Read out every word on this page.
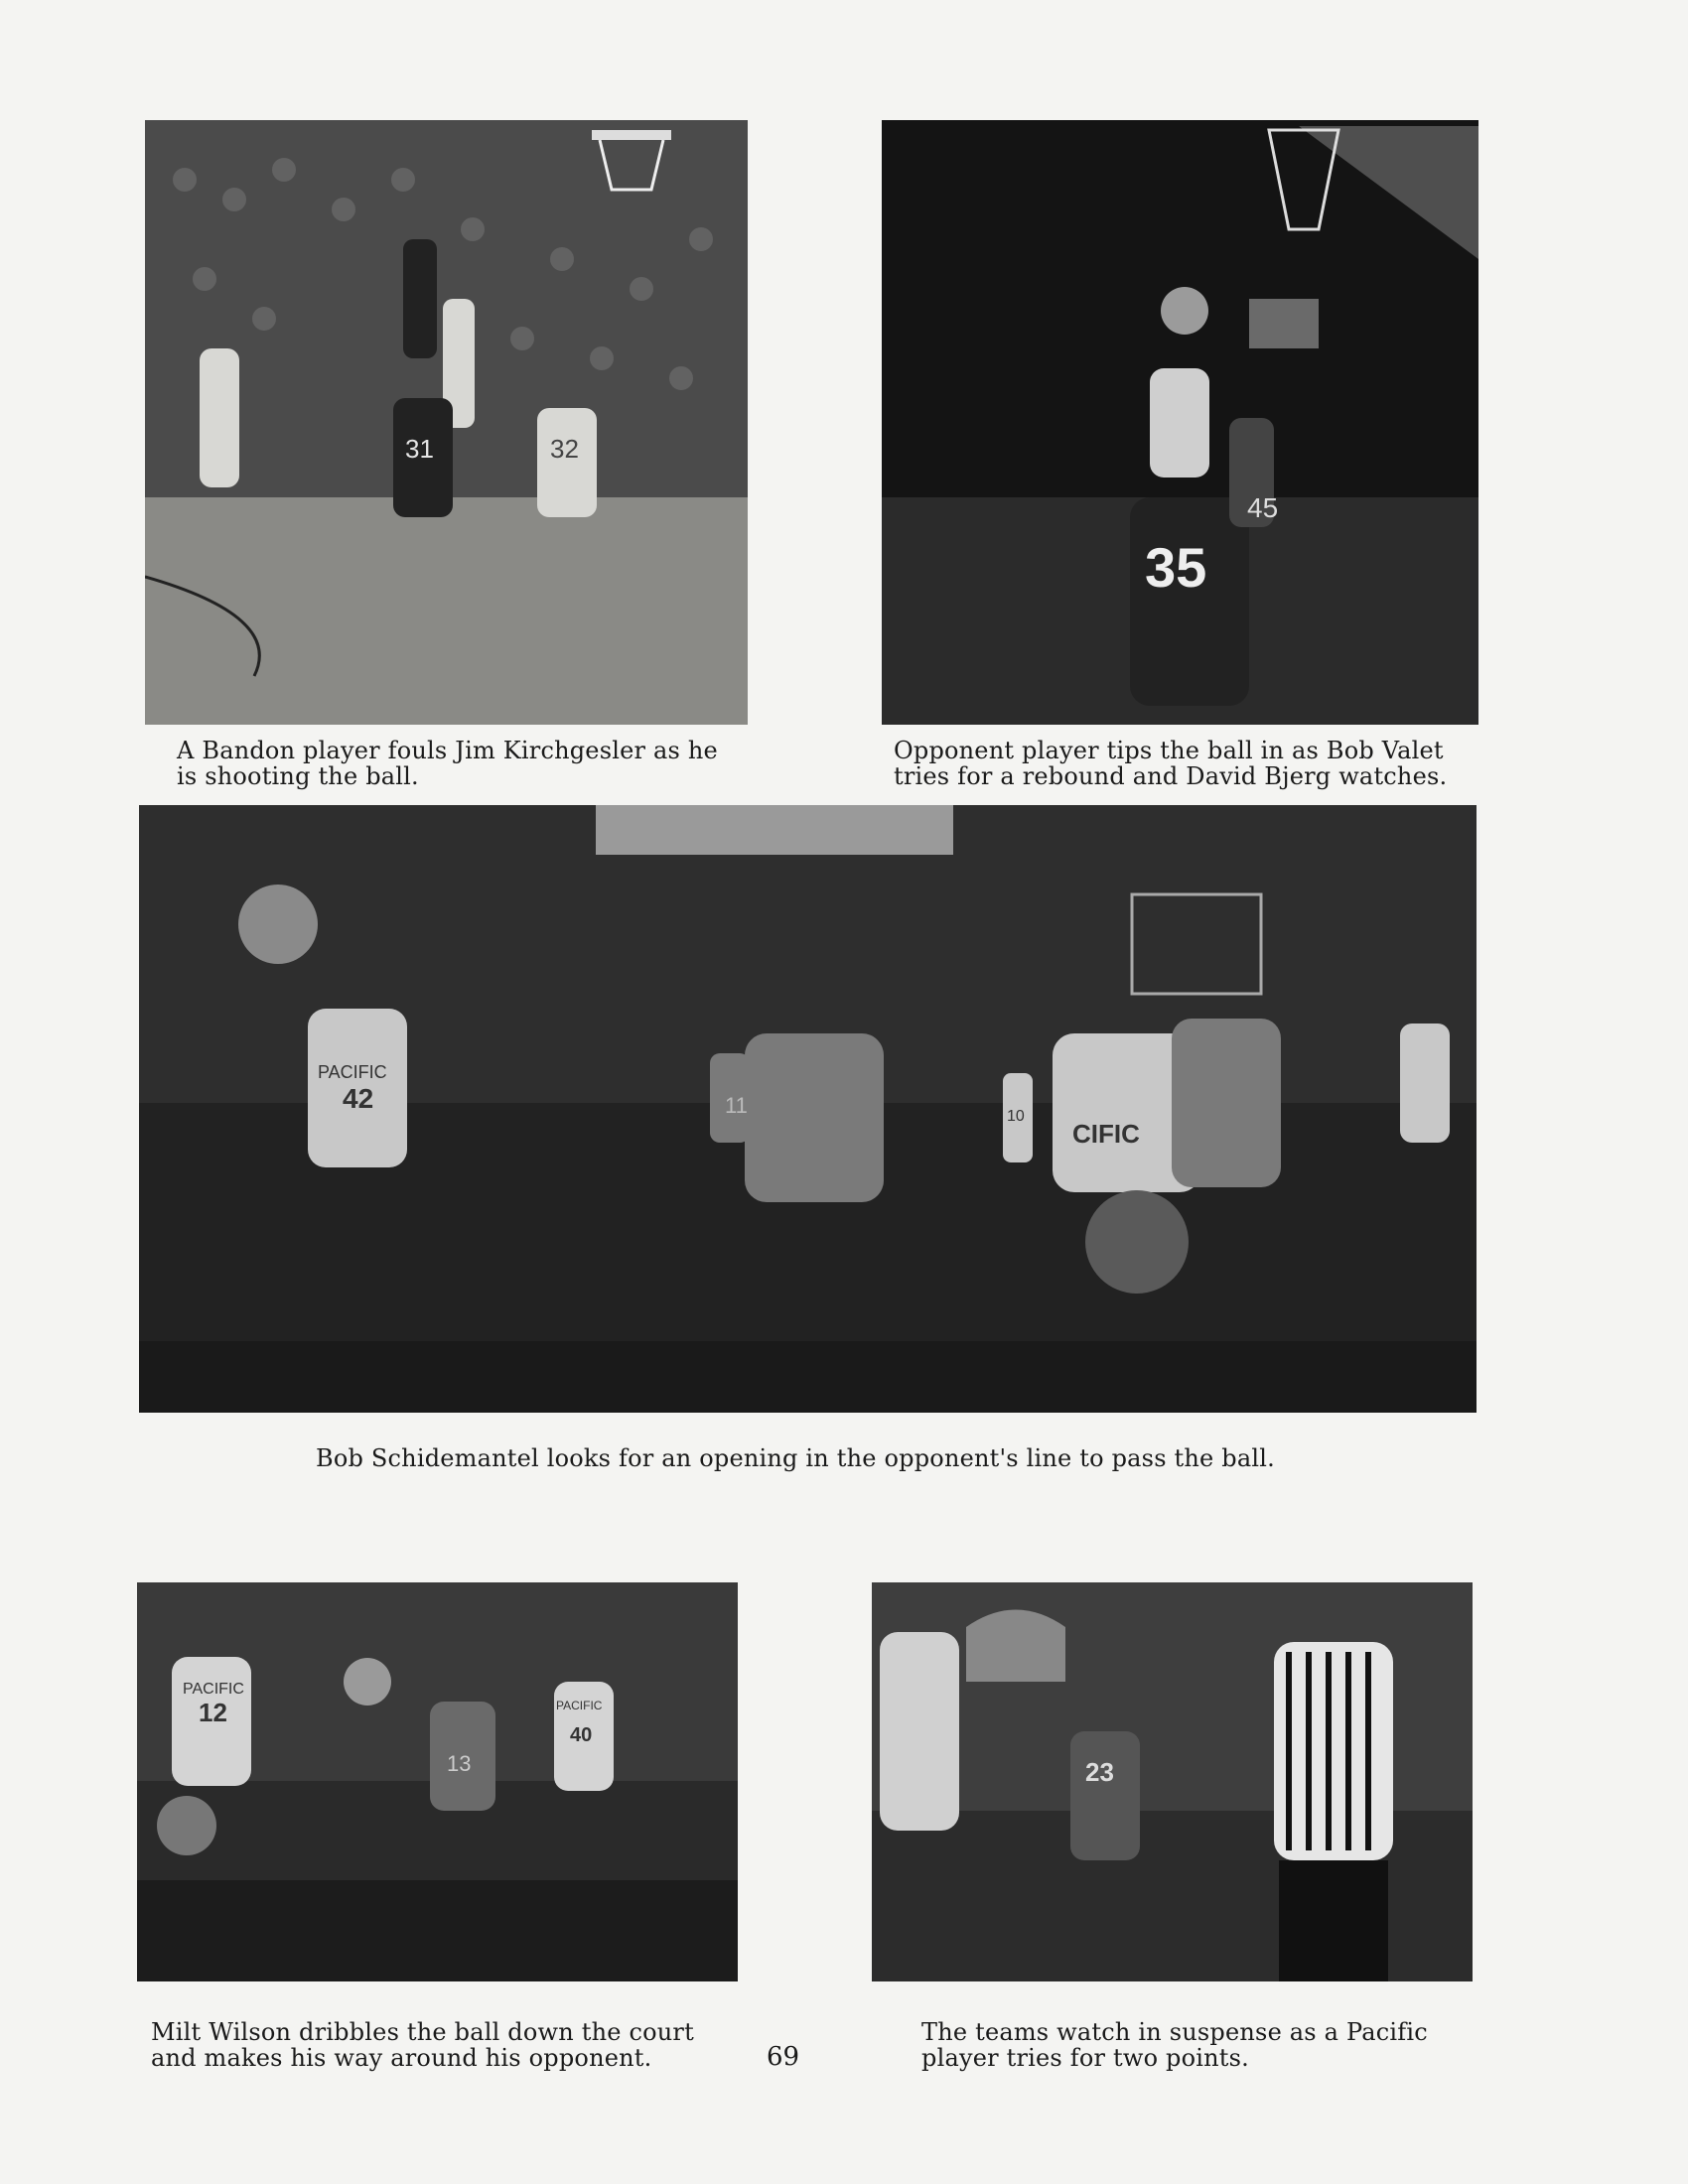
31	32

A Bandon player fouls Jim Kirchgesler as he is shooting the ball.

35
45

Opponent player tips the ball in as Bob Valet tries for a rebound and David Bjerg watches.

PACIFIC
42	11	10
CIFIC

Bob Schidemantel looks for an opening in the opponent's line to pass the ball.

PACIFIC
12
13
PACIFIC
40

Milt Wilson dribbles the ball down the court and makes his way around his opponent.

23

The teams watch in suspense as a Pacific player tries for two points.

69
